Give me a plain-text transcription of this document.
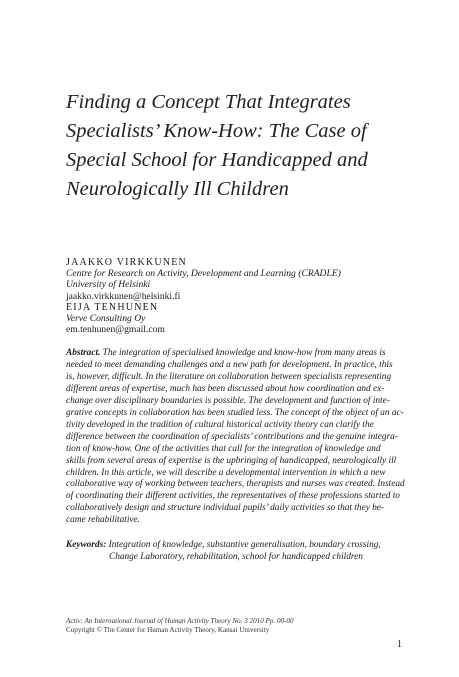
Finding a Concept That Integrates
Specialists’ Know-How: The Case of
Special School for Handicapped and
Neurologically Ill Children
JAAKKO VIRKKUNEN
Centre for Research on Activity, Development and Learning (CRADLE)
University of Helsinki
jaakko.virkkunen@helsinki.fi
EIJA TENHUNEN
Verve Consulting Oy
em.tenhunen@gmail.com
Abstract. The integration of specialised knowledge and know-how from many areas is
needed to meet demanding challenges and a new path for development. In practice, this
is, however, difficult. In the literature on collaboration between specialists representing
different areas of expertise, much has been discussed about how coordination and ex-
change over disciplinary boundaries is possible. The development and function of inte-
grative concepts in collaboration has been studied less. The concept of the object of an ac-
tivity developed in the tradition of cultural historical activity theory can clarify the
difference between the coordination of specialists’ contributions and the genuine integra-
tion of know-how. One of the activities that call for the integration of knowledge and
skills from several areas of expertise is the upbringing of handicapped, neurologically ill
children. In this article, we will describe a developmental intervention in which a new
collaborative way of working between teachers, therapists and nurses was created. Instead
of coordinating their different activities, the representatives of these professions started to
collaboratively design and structure individual pupils’ daily activities so that they be-
came rehabilitative.
Keywords: Integration of knowledge, substantive generalisation, boundary crossing,
Change Laboratory, rehabilitation, school for handicapped children
Activ: An International Journal of Human Activity Theory No. 3 2010 Pp. 00-00
Copyright © The Center for Human Activity Theory, Kansai University
1
